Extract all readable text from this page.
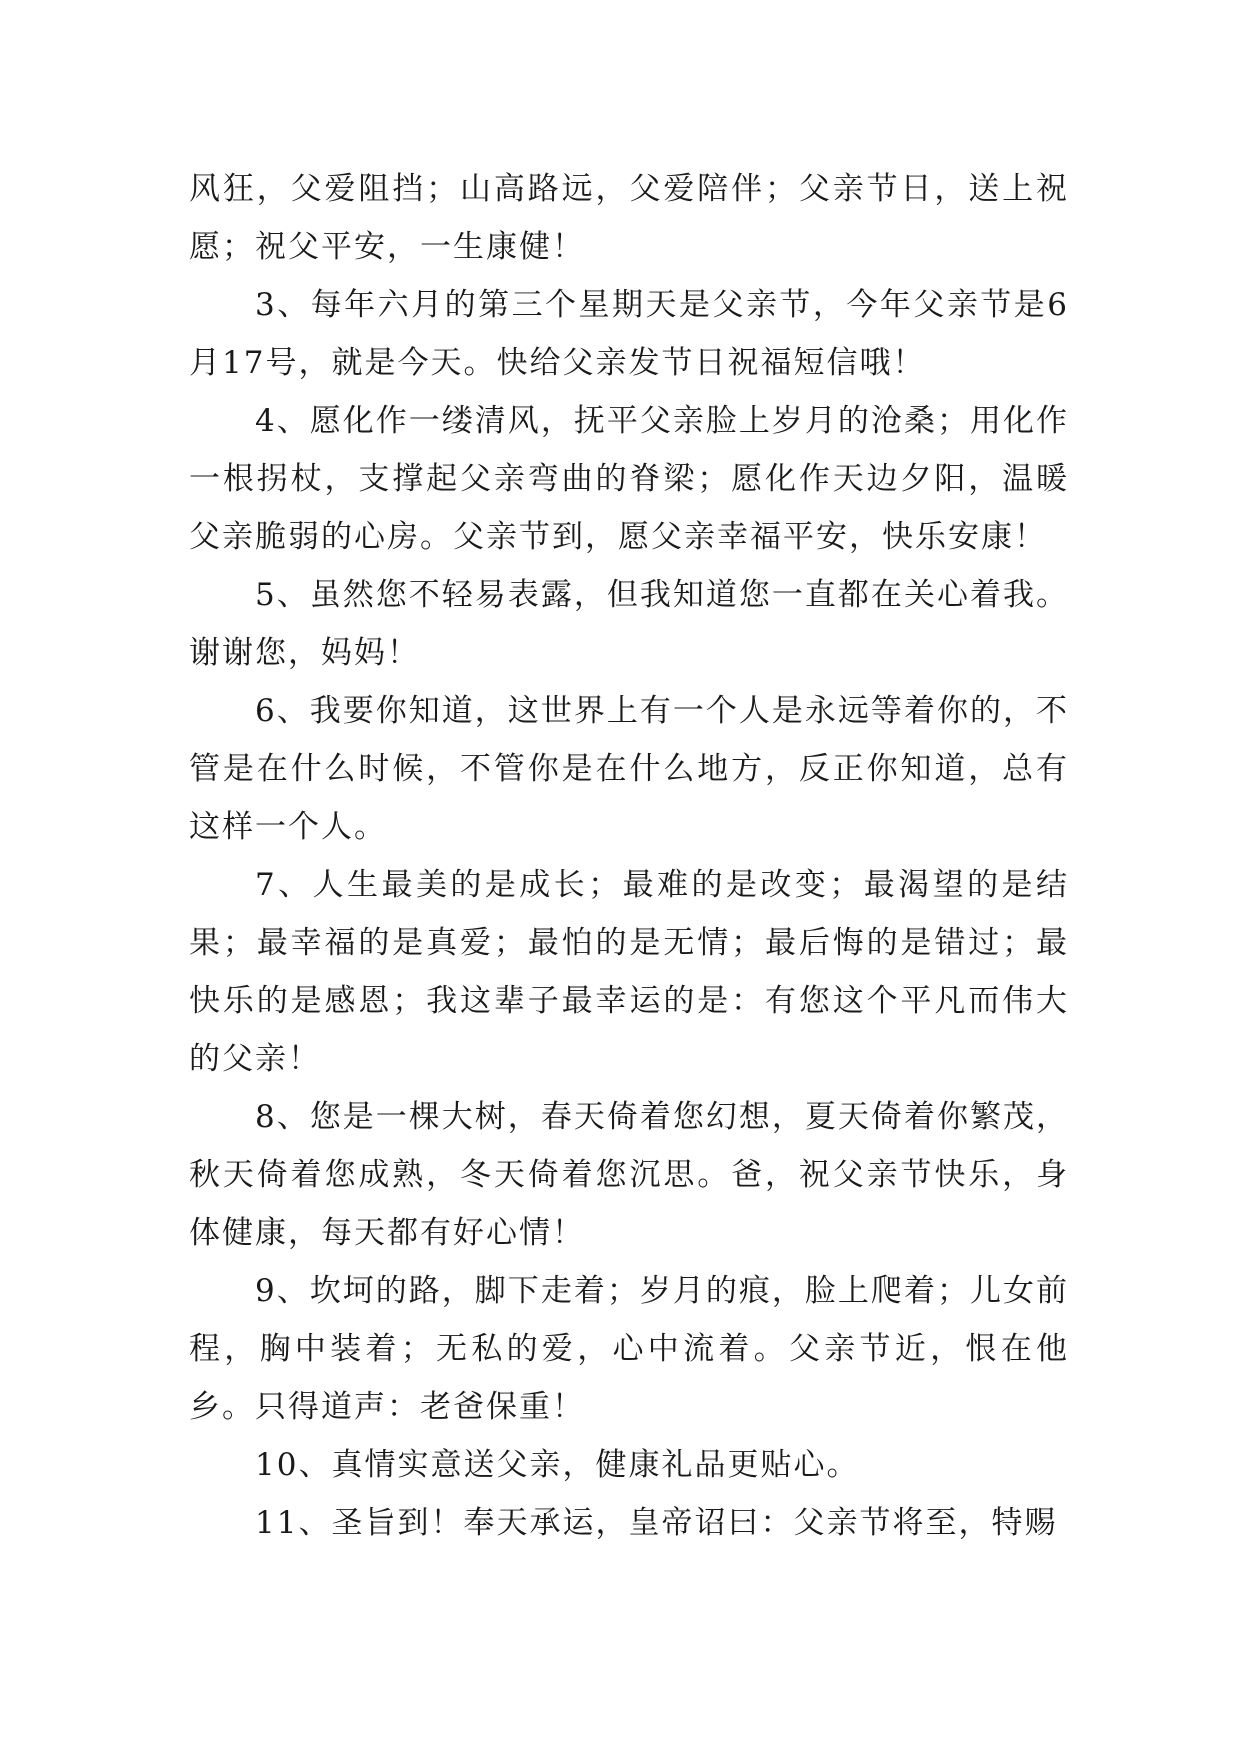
风狂，父爱阻挡；山高路远，父爱陪伴；父亲节日，送上祝愿；祝父平安，一生康健！

3、每年六月的第三个星期天是父亲节，今年父亲节是6月17号，就是今天。快给父亲发节日祝福短信哦！

4、愿化作一缕清风，抚平父亲脸上岁月的沧桑；用化作一根拐杖，支撑起父亲弯曲的脊梁；愿化作天边夕阳，温暖父亲脆弱的心房。父亲节到，愿父亲幸福平安，快乐安康！

5、虽然您不轻易表露，但我知道您一直都在关心着我。谢谢您，妈妈！

6、我要你知道，这世界上有一个人是永远等着你的，不管是在什么时候，不管你是在什么地方，反正你知道，总有这样一个人。

7、人生最美的是成长；最难的是改变；最渴望的是结果；最幸福的是真爱；最怕的是无情；最后悔的是错过；最快乐的是感恩；我这辈子最幸运的是：有您这个平凡而伟大的父亲！

8、您是一棵大树，春天倚着您幻想，夏天倚着你繁茂，秋天倚着您成熟，冬天倚着您沉思。爸，祝父亲节快乐，身体健康，每天都有好心情！

9、坎坷的路，脚下走着；岁月的痕，脸上爬着；儿女前程，胸中装着；无私的爱，心中流着。父亲节近，恨在他乡。只得道声：老爸保重！

10、真情实意送父亲，健康礼品更贴心。

11、圣旨到！奉天承运，皇帝诏曰：父亲节将至，特赐
